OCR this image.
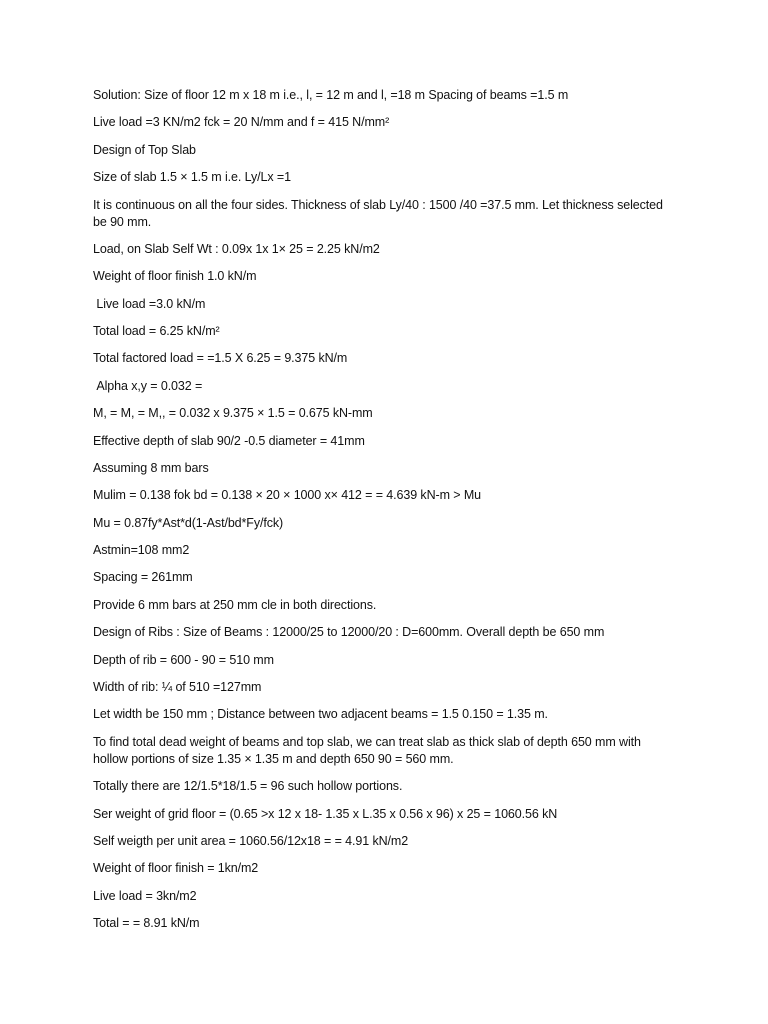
Solution: Size of floor 12 m x 18 m i.e., l, = 12 m and l, =18 m Spacing of beams =1.5 m

Live load =3 KN/m2 fck = 20 N/mm and f = 415 N/mm²

Design of Top Slab

Size of slab 1.5 × 1.5 m i.e. Ly/Lx =1

It is continuous on all the four sides. Thickness of slab Ly/40 : 1500 /40 =37.5 mm. Let thickness selected be 90 mm.

Load, on Slab Self Wt : 0.09x 1x 1× 25 = 2.25 kN/m2

Weight of floor finish 1.0 kN/m

Live load =3.0 kN/m

Total load = 6.25 kN/m²

Total factored load = =1.5 X 6.25 = 9.375 kN/m

Alpha x,y = 0.032 =

M, = M, = M,, = 0.032 x 9.375 × 1.5 = 0.675 kN-mm

Effective depth of slab 90/2 -0.5 diameter = 41mm

Assuming 8 mm bars

Mulim = 0.138 fok bd = 0.138 × 20 × 1000 x× 412 = = 4.639 kN-m > Mu

Mu = 0.87fy*Ast*d(1-Ast/bd*Fy/fck)

Astmin=108 mm2

Spacing = 261mm

Provide 6 mm bars at 250 mm cle in both directions.

Design of Ribs : Size of Beams : 12000/25 to 12000/20 : D=600mm. Overall depth be 650 mm

Depth of rib = 600 - 90 = 510 mm

Width of rib: ¼ of 510 =127mm

Let width be 150 mm ; Distance between two adjacent beams = 1.5 0.150 = 1.35 m.

To find total dead weight of beams and top slab, we can treat slab as thick slab of depth 650 mm with hollow portions of size 1.35 × 1.35 m and depth 650 90 = 560 mm.

Totally there are 12/1.5*18/1.5 = 96 such hollow portions.

Ser weight of grid floor = (0.65 >x 12 x 18- 1.35 x L.35 x 0.56 x 96) x 25 = 1060.56 kN

Self weigth per unit area = 1060.56/12x18 = = 4.91 kN/m2

Weight of floor finish = 1kn/m2

Live load = 3kn/m2

Total = = 8.91 kN/m
